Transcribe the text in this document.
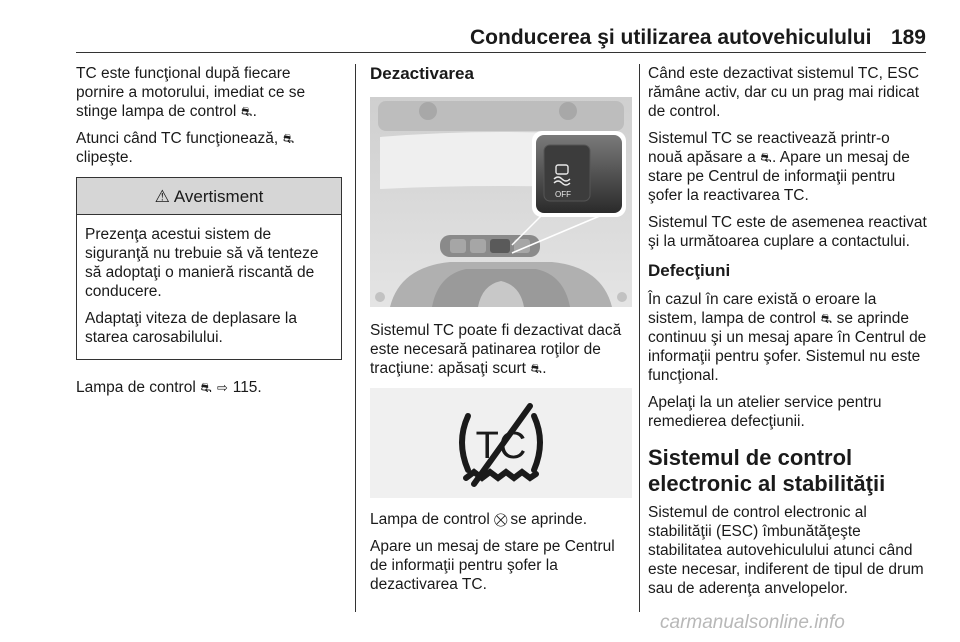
Conducerea şi utilizarea autovehiculului 189

TC este funcţional după fiecare pornire a motorului, imediat ce se stinge lampa de control ⛐.

Atunci când TC funcţionează, ⛐ clipeşte.

⚠ Avertisment

Prezenţa acestui sistem de siguranţă nu trebuie să vă tenteze să adoptaţi o manieră riscantă de conducere.

Adaptaţi viteza de deplasare la starea carosabilului.

Lampa de control ⛐ ⇨ 115.

Dezactivarea
OFF

Sistemul TC poate fi dezactivat dacă este necesară patinarea roţilor de tracţiune: apăsaţi scurt ⛐.

TC

Lampa de control ⛒ se aprinde.

Apare un mesaj de stare pe Centrul de informaţii pentru şofer la dezactivarea TC.

Când este dezactivat sistemul TC, ESC rămâne activ, dar cu un prag mai ridicat de control.

Sistemul TC se reactivează printr-o nouă apăsare a ⛐. Apare un mesaj de stare pe Centrul de informaţii pentru şofer la reactivarea TC.

Sistemul TC este de asemenea reactivat şi la următoarea cuplare a contactului.

Defecţiuni

În cazul în care există o eroare la sistem, lampa de control ⛐ se aprinde continuu şi un mesaj apare în Centrul de informaţii pentru şofer. Sistemul nu este funcţional.

Apelaţi la un atelier service pentru remedierea defecţiunii.

Sistemul de control electronic al stabilităţii

Sistemul de control electronic al stabilităţii (ESC) îmbunătăţeşte stabilitatea autovehiculului atunci când este necesar, indiferent de tipul de drum sau de aderenţa anvelopelor.

carmanualsonline.info
